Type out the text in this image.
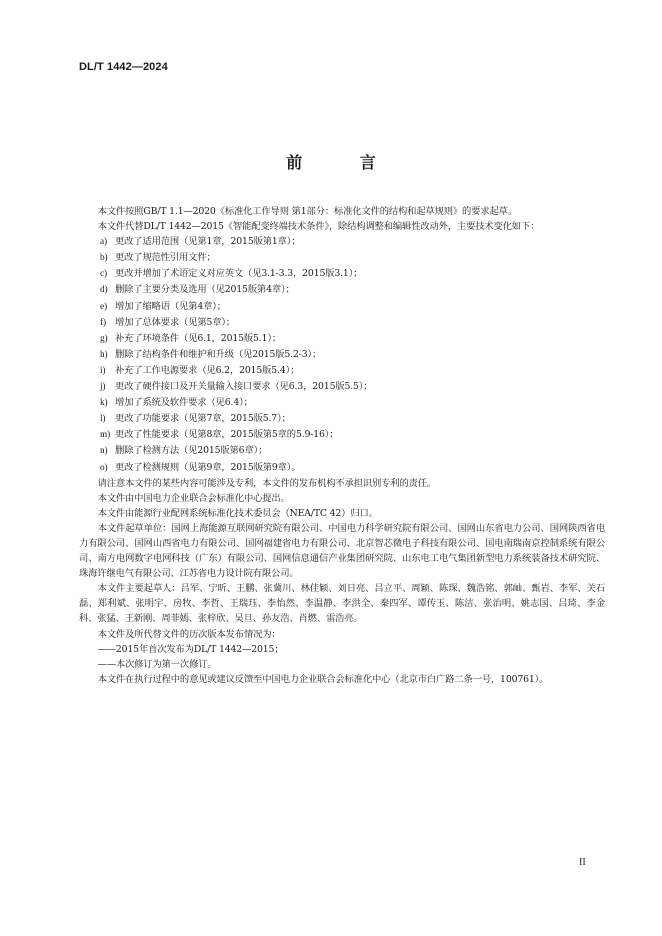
DL/T 1442—2024
前 言

本文件按照GB/T 1.1—2020《标准化工作导则 第1部分：标准化文件的结构和起草规则》的要求起草。

本文件代替DL/T 1442—2015《智能配变终端技术条件》，除结构调整和编辑性改动外，主要技术变化如下：

a) 更改了适用范围（见第1章，2015版第1章）；
b) 更改了规范性引用文件；
c) 更改并增加了术语定义对应英文（见3.1-3.3，2015版3.1）；
d) 删除了主要分类及选用（见2015版第4章）；
e) 增加了缩略语（见第4章）；
f) 增加了总体要求（见第5章）；
g) 补充了环境条件（见6.1，2015版5.1）；
h) 删除了结构条件和维护和升级（见2015版5.2-3）；
i) 补充了工作电源要求（见6.2，2015版5.4）；
j) 更改了硬件接口及开关量输入接口要求（见6.3，2015版5.5）；
k) 增加了系统及软件要求（见6.4）；
l) 更改了功能要求（见第7章，2015版5.7）；
m) 更改了性能要求（见第8章，2015版第5章的5.9-16）；
n) 删除了检测方法（见2015版第6章）；
o) 更改了检测规则（见第9章，2015版第9章）。

请注意本文件的某些内容可能涉及专利，本文件的发布机构不承担识别专利的责任。

本文件由中国电力企业联合会标准化中心提出。

本文件由能源行业配网系统标准化技术委员会（NEA/TC 42）归口。

本文件起草单位：国网上海能源互联网研究院有限公司、中国电力科学研究院有限公司、国网山东省电力公司、国网陕西省电力有限公司、国网山西省电力有限公司、国网福建省电力有限公司、北京智芯微电子科技有限公司、国电南瑞南京控制系统有限公司、南方电网数字电网科技（广东）有限公司、国网信息通信产业集团研究院、山东电工电气集团新型电力系统装备技术研究院、珠海许继电气有限公司、江苏省电力设计院有限公司。

本文件主要起草人：吕军、宁昕、王鹏、张冀川、林佳颖、刘日亮、吕立平、周颖、陈琛、魏浩铭、郭屾、甄岩、李军、关石磊、郑利斌、张明宇、房牧、李哲、王瑞珏、李怡然、李温静、李洪全、秦四军、谭传玉、陈洁、张治明、姚志国、吕琦、李金科、张猛、王新刚、周菲嫣、张梓欣、吴旦、孙友浩、肖燃、雷浩亮。

本文件及所代替文件的历次版本发布情况为：

——2015年首次发布为DL/T 1442—2015；

——本次修订为第一次修订。

本文件在执行过程中的意见或建议反馈至中国电力企业联合会标准化中心（北京市白广路二条一号，100761）。

II
